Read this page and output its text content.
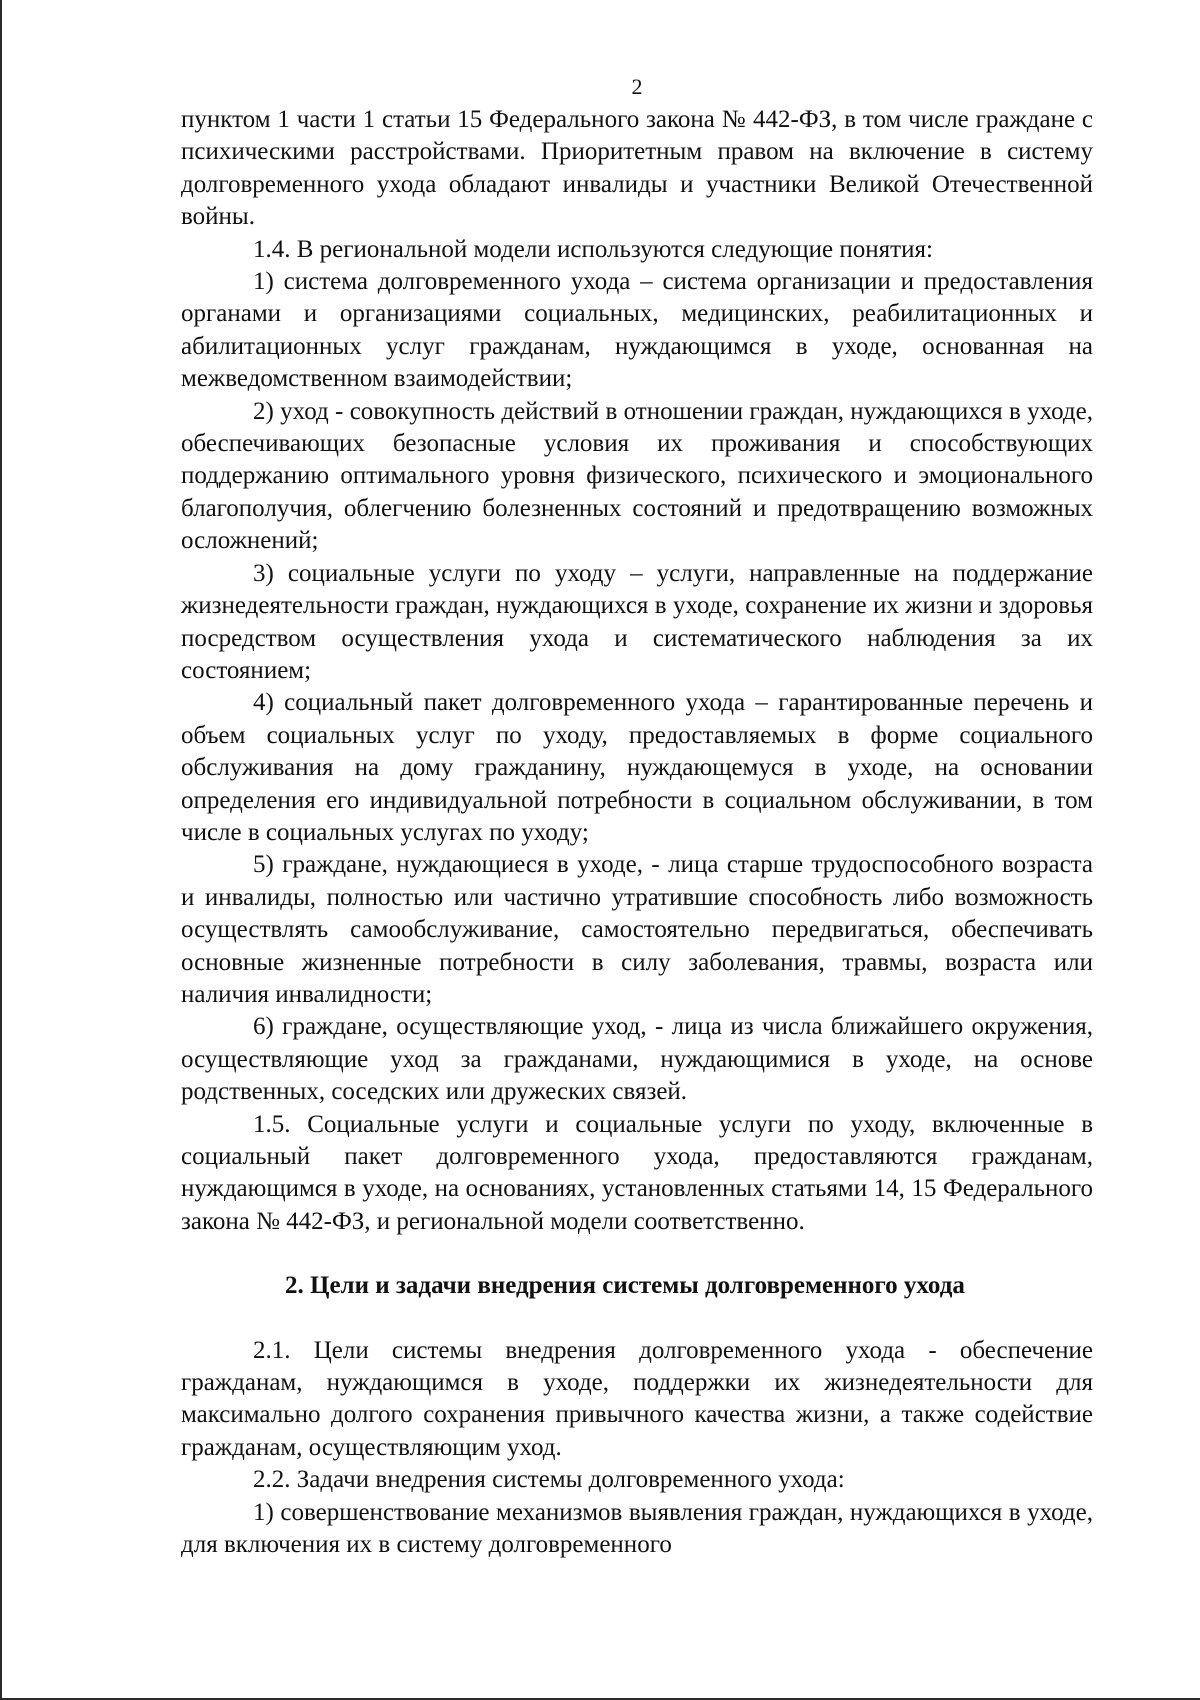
2

пунктом 1 части 1 статьи 15 Федерального закона № 442-ФЗ, в том числе граждане с психическими расстройствами. Приоритетным правом на включение в систему долговременного ухода обладают инвалиды и участники Великой Отечественной войны.

1.4. В региональной модели используются следующие понятия:

1) система долговременного ухода – система организации и предоставления органами и организациями социальных, медицинских, реабилитационных и абилитационных услуг гражданам, нуждающимся в уходе, основанная на межведомственном взаимодействии;

2) уход - совокупность действий в отношении граждан, нуждающихся в уходе, обеспечивающих безопасные условия их проживания и способствующих поддержанию оптимального уровня физического, психического и эмоционального благополучия, облегчению болезненных состояний и предотвращению возможных осложнений;

3) социальные услуги по уходу – услуги, направленные на поддержание жизнедеятельности граждан, нуждающихся в уходе, сохранение их жизни и здоровья посредством осуществления ухода и систематического наблюдения за их состоянием;

4) социальный пакет долговременного ухода – гарантированные перечень и объем социальных услуг по уходу, предоставляемых в форме социального обслуживания на дому гражданину, нуждающемуся в уходе, на основании определения его индивидуальной потребности в социальном обслуживании, в том числе в социальных услугах по уходу;

5) граждане, нуждающиеся в уходе, - лица старше трудоспособного возраста и инвалиды, полностью или частично утратившие способность либо возможность осуществлять самообслуживание, самостоятельно передвигаться, обеспечивать основные жизненные потребности в силу заболевания, травмы, возраста или наличия инвалидности;

6) граждане, осуществляющие уход, - лица из числа ближайшего окружения, осуществляющие уход за гражданами, нуждающимися в уходе, на основе родственных, соседских или дружеских связей.

1.5. Социальные услуги и социальные услуги по уходу, включенные в социальный пакет долговременного ухода, предоставляются гражданам, нуждающимся в уходе, на основаниях, установленных статьями 14, 15 Федерального закона № 442-ФЗ, и региональной модели соответственно.

2. Цели и задачи внедрения системы долговременного ухода

2.1. Цели системы внедрения долговременного ухода - обеспечение гражданам, нуждающимся в уходе, поддержки их жизнедеятельности для максимально долгого сохранения привычного качества жизни, а также содействие гражданам, осуществляющим уход.

2.2. Задачи внедрения системы долговременного ухода:

1) совершенствование механизмов выявления граждан, нуждающихся в уходе, для включения их в систему долговременного
